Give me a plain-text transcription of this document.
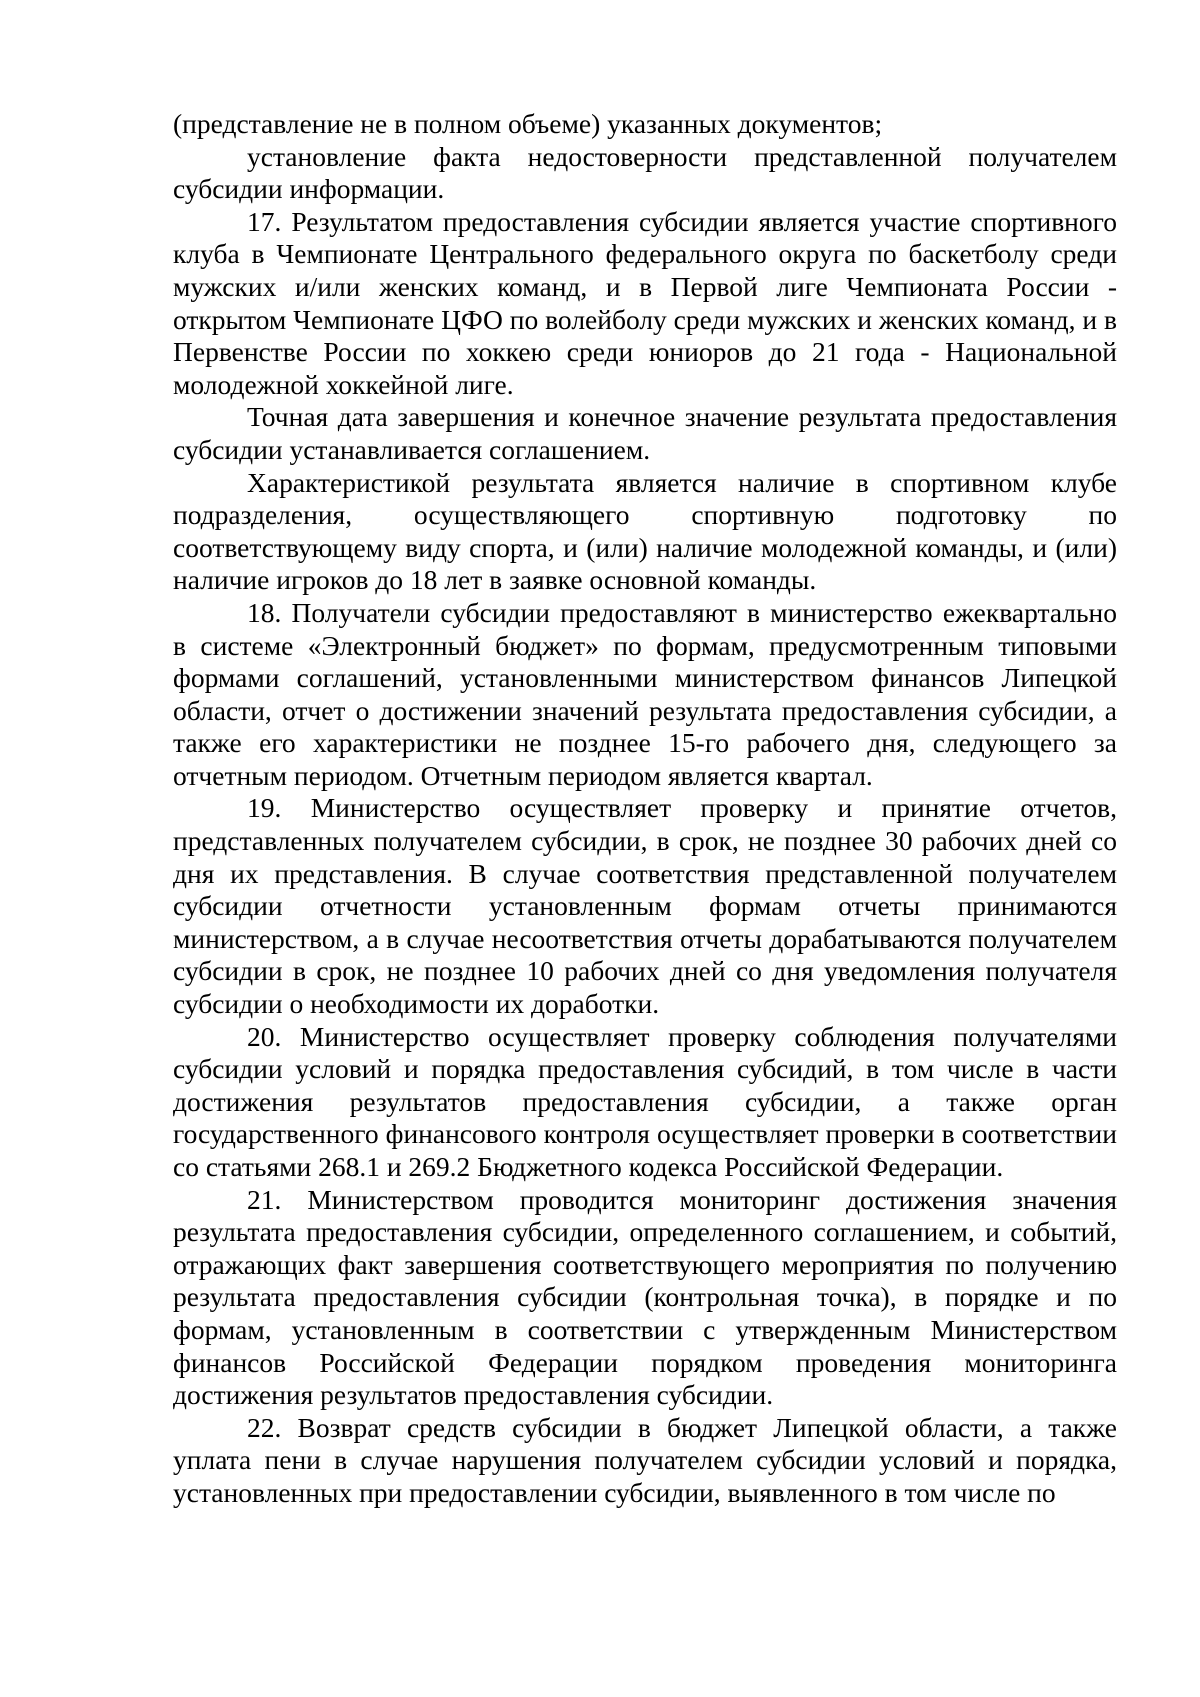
(представление не в полном объеме) указанных документов;

установление факта недостоверности представленной получателем субсидии информации.

17. Результатом предоставления субсидии является участие спортивного клуба в Чемпионате Центрального федерального округа по баскетболу среди мужских и/или женских команд, и в Первой лиге Чемпионата России - открытом Чемпионате ЦФО по волейболу среди мужских и женских команд, и в Первенстве России по хоккею среди юниоров до 21 года - Национальной молодежной хоккейной лиге.

Точная дата завершения и конечное значение результата предоставления субсидии устанавливается соглашением.

Характеристикой результата является наличие в спортивном клубе подразделения, осуществляющего спортивную подготовку по соответствующему виду спорта, и (или) наличие молодежной команды, и (или) наличие игроков до 18 лет в заявке основной команды.

18. Получатели субсидии предоставляют в министерство ежеквартально в системе «Электронный бюджет» по формам, предусмотренным типовыми формами соглашений, установленными министерством финансов Липецкой области, отчет о достижении значений результата предоставления субсидии, а также его характеристики не позднее 15-го рабочего дня, следующего за отчетным периодом. Отчетным периодом является квартал.

19. Министерство осуществляет проверку и принятие отчетов, представленных получателем субсидии, в срок, не позднее 30 рабочих дней со дня их представления. В случае соответствия представленной получателем субсидии отчетности установленным формам отчеты принимаются министерством, а в случае несоответствия отчеты дорабатываются получателем субсидии в срок, не позднее 10 рабочих дней со дня уведомления получателя субсидии о необходимости их доработки.

20. Министерство осуществляет проверку соблюдения получателями субсидии условий и порядка предоставления субсидий, в том числе в части достижения результатов предоставления субсидии, а также орган государственного финансового контроля осуществляет проверки в соответствии со статьями 268.1 и 269.2 Бюджетного кодекса Российской Федерации.

21. Министерством проводится мониторинг достижения значения результата предоставления субсидии, определенного соглашением, и событий, отражающих факт завершения соответствующего мероприятия по получению результата предоставления субсидии (контрольная точка), в порядке и по формам, установленным в соответствии с утвержденным Министерством финансов Российской Федерации порядком проведения мониторинга достижения результатов предоставления субсидии.

22. Возврат средств субсидии в бюджет Липецкой области, а также уплата пени в случае нарушения получателем субсидии условий и порядка, установленных при предоставлении субсидии, выявленного в том числе по
